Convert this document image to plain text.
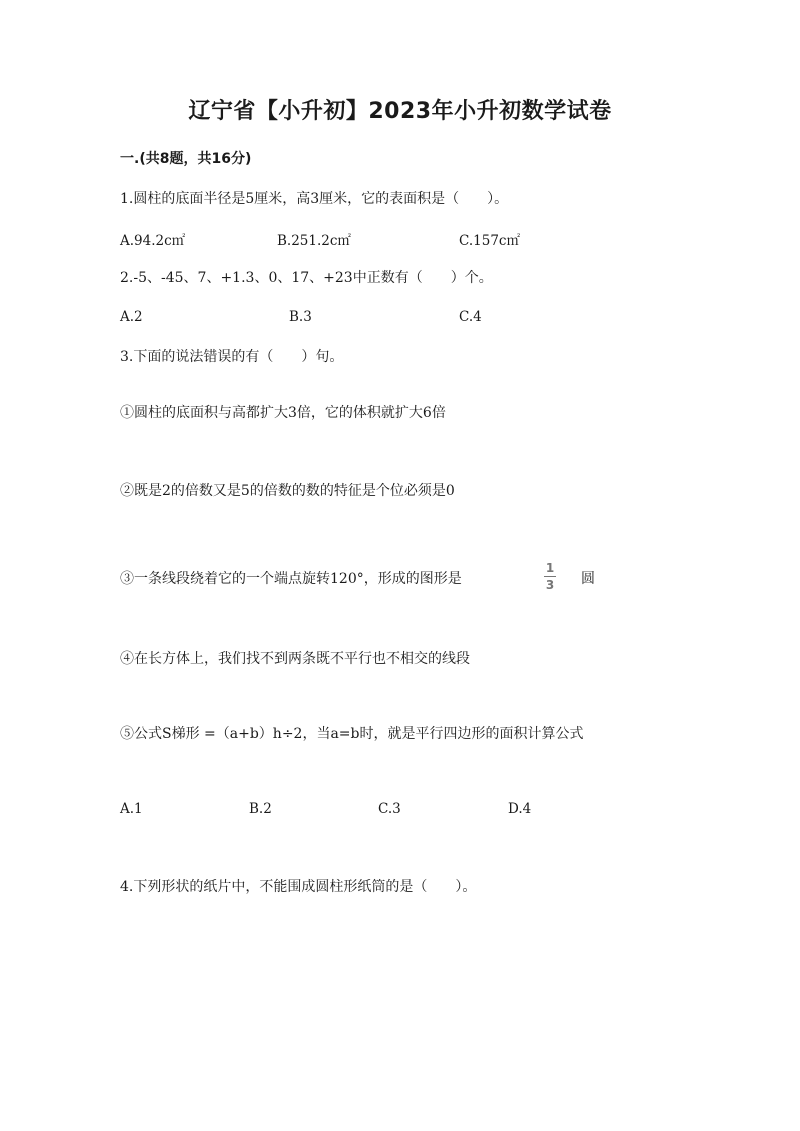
辽宁省【小升初】2023年小升初数学试卷
一.(共8题，共16分)
1.圆柱的底面半径是5厘米，高3厘米，它的表面积是（　　）。
A.94.2c㎡	B.251.2c㎡	C.157c㎡
2.-5、-45、7、+1.3、0、17、+23中正数有（　　）个。
A.2	B.3	C.4
3.下面的说法错误的有（　　）句。
①圆柱的底面积与高都扩大3倍，它的体积就扩大6倍
②既是2的倍数又是5的倍数的数的特征是个位必须是0
③一条线段绕着它的一个端点旋转120°，形成的图形是
1
3 圆
④在长方体上，我们找不到两条既不平行也不相交的线段
⑤公式S梯形 =（a+b）h÷2，当a=b时，就是平行四边形的面积计算公式
A.1	B.2	C.3	D.4
4.下列形状的纸片中，不能围成圆柱形纸筒的是（　　）。
